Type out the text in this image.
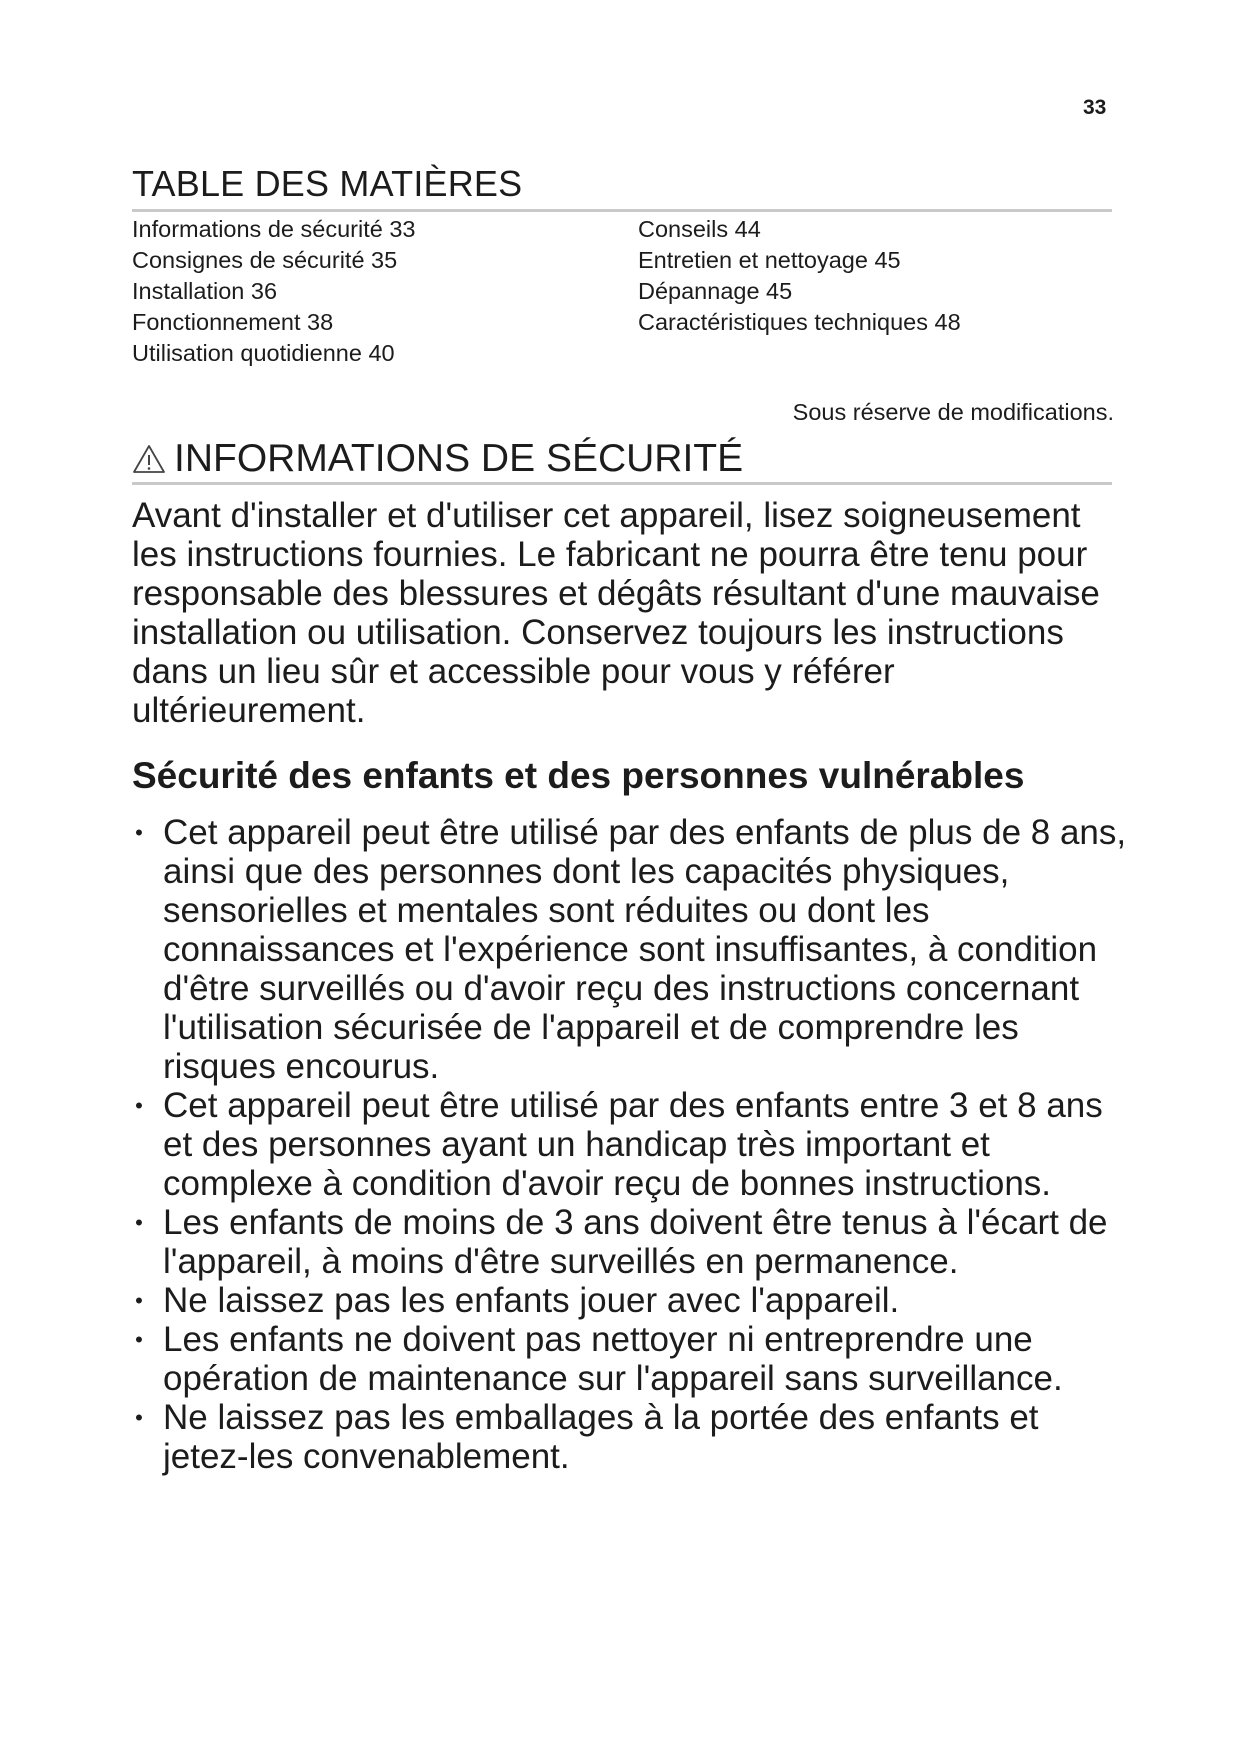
33
TABLE DES MATIÈRES
Informations de sécurité 33
Consignes de sécurité 35
Installation 36
Fonctionnement 38
Utilisation quotidienne 40
Conseils 44
Entretien et nettoyage 45
Dépannage 45
Caractéristiques techniques 48
Sous réserve de modifications.
INFORMATIONS DE SÉCURITÉ

Avant d'installer et d'utiliser cet appareil, lisez soigneusement les instructions fournies. Le fabricant ne pourra être tenu pour responsable des blessures et dégâts résultant d'une mauvaise installation ou utilisation. Conservez toujours les instructions dans un lieu sûr et accessible pour vous y référer ultérieurement.

Sécurité des enfants et des personnes vulnérables
• Cet appareil peut être utilisé par des enfants de plus de 8 ans, ainsi que des personnes dont les capacités physiques, sensorielles et mentales sont réduites ou dont les connaissances et l'expérience sont insuffisantes, à condition d'être surveillés ou d'avoir reçu des instructions concernant l'utilisation sécurisée de l'appareil et de comprendre les risques encourus.
• Cet appareil peut être utilisé par des enfants entre 3 et 8 ans et des personnes ayant un handicap très important et complexe à condition d'avoir reçu de bonnes instructions.
• Les enfants de moins de 3 ans doivent être tenus à l'écart de l'appareil, à moins d'être surveillés en permanence.
• Ne laissez pas les enfants jouer avec l'appareil.
• Les enfants ne doivent pas nettoyer ni entreprendre une opération de maintenance sur l'appareil sans surveillance.
• Ne laissez pas les emballages à la portée des enfants et jetez-les convenablement.
